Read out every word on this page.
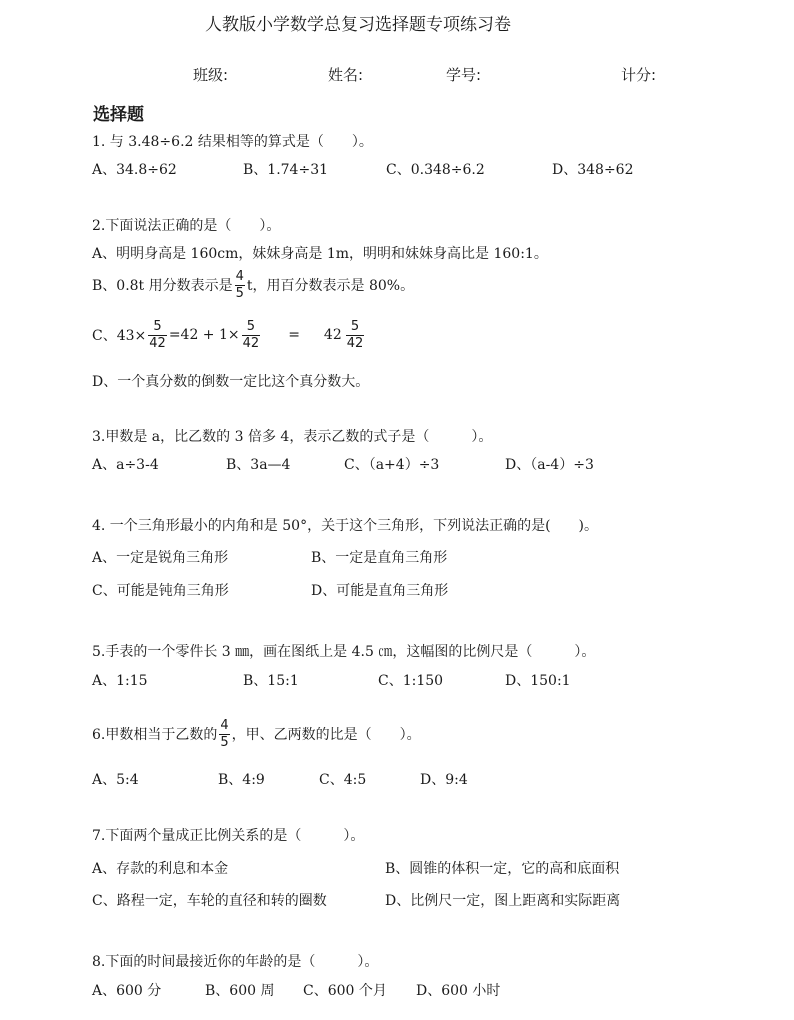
人教版小学数学总复习选择题专项练习卷
班级:	姓名:	学号:	计分:
选择题
1. 与 3.48÷6.2 结果相等的算式是（　　）。
A、34.8÷62	B、1.74÷31	C、0.348÷6.2	D、348÷62
2.下面说法正确的是（　　）。
A、明明身高是 160cm，妹妹身高是 1m，明明和妹妹身高比是 160:1。
B、0.8t 用分数表示是 $\frac{4}{5}$ t，用百分数表示是 80%。
C、$43\times \frac{5}{42} =42 + 1\times \frac{5}{42} = 42 \frac{5}{42}$
D、一个真分数的倒数一定比这个真分数大。
3.甲数是 a，比乙数的 3 倍多 4，表示乙数的式子是（　　　）。
A、a÷3-4	B、3a—4	C、（a+4）÷3	D、（a-4）÷3
4. 一个三角形最小的内角和是 50°，关于这个三角形，下列说法正确的是(　　)。
A、一定是锐角三角形	B、一定是直角三角形
C、可能是钝角三角形	D、可能是直角三角形
5.手表的一个零件长 3 ㎜，画在图纸上是 4.5 ㎝，这幅图的比例尺是（　　　）。
A、1:15	B、15:1	C、1:150	D、150:1
6.甲数相当于乙数的 $\frac{4}{5}$ ，甲、乙两数的比是（　　）。
A、5:4	B、4:9	C、4:5	D、9:4
7.下面两个量成正比例关系的是（　　　）。
A、存款的利息和本金	B、圆锥的体积一定，它的高和底面积
C、路程一定，车轮的直径和转的圈数	D、比例尺一定，图上距离和实际距离
8.下面的时间最接近你的年龄的是（　　　）。
A、600 分	B、600 周 C、600 个月 D、600 小时
